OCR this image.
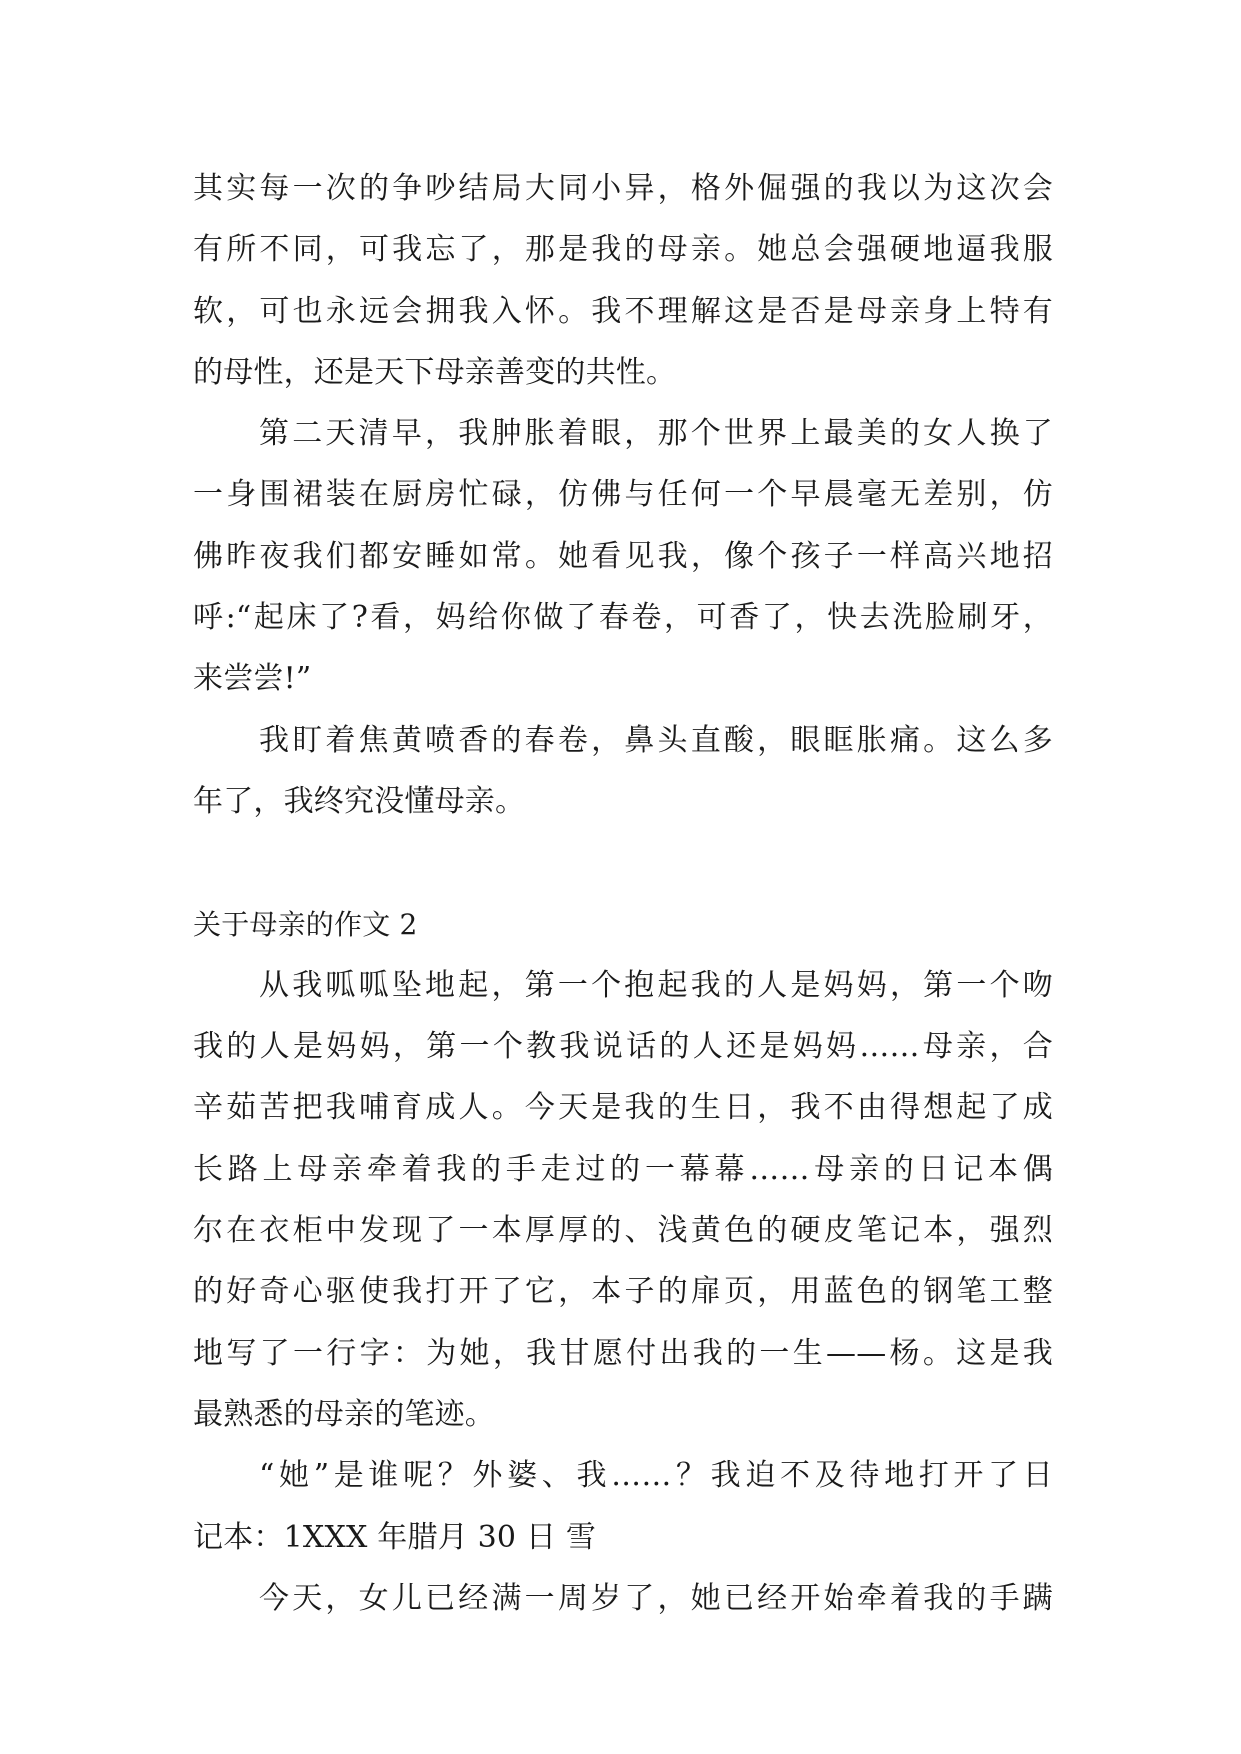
其实每一次的争吵结局大同小异，格外倔强的我以为这次会
有所不同，可我忘了，那是我的母亲。她总会强硬地逼我服
软，可也永远会拥我入怀。我不理解这是否是母亲身上特有
的母性，还是天下母亲善变的共性。
第二天清早，我肿胀着眼，那个世界上最美的女人换了
一身围裙装在厨房忙碌，仿佛与任何一个早晨毫无差别，仿
佛昨夜我们都安睡如常。她看见我，像个孩子一样高兴地招
呼:“起床了?看，妈给你做了春卷，可香了，快去洗脸刷牙，
来尝尝!”
我盯着焦黄喷香的春卷，鼻头直酸，眼眶胀痛。这么多
年了，我终究没懂母亲。
关于母亲的作文 2
从我呱呱坠地起，第一个抱起我的人是妈妈，第一个吻
我的人是妈妈，第一个教我说话的人还是妈妈……母亲，合
辛茹苦把我哺育成人。今天是我的生日，我不由得想起了成
长路上母亲牵着我的手走过的一幕幕……母亲的日记本偶
尔在衣柜中发现了一本厚厚的、浅黄色的硬皮笔记本，强烈
的好奇心驱使我打开了它，本子的扉页，用蓝色的钢笔工整
地写了一行字：为她，我甘愿付出我的一生——杨。这是我
最熟悉的母亲的笔迹。
“她”是谁呢？外婆、我……？我迫不及待地打开了日
记本：1XXX 年腊月 30 日 雪
今天，女儿已经满一周岁了，她已经开始牵着我的手蹒
